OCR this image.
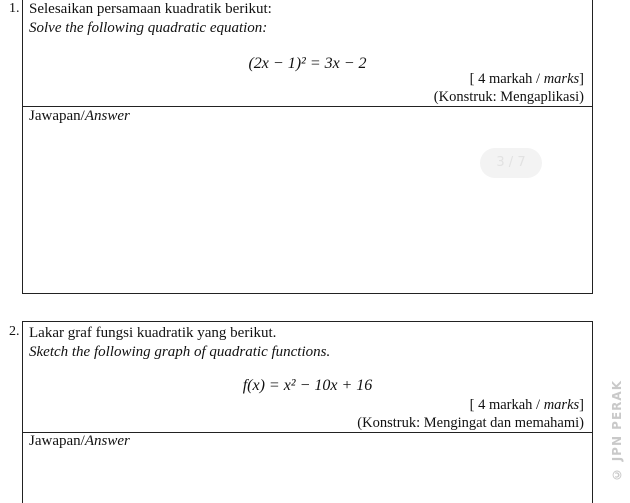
1. Selesaikan persamaan kuadratik berikut:
Solve the following quadratic equation:
(2x − 1)² = 3x − 2
[ 4 markah / marks]
(Konstruk: Mengaplikasi)
Jawapan/Answer
3 / 7
2. Lakar graf fungsi kuadratik yang berikut.
Sketch the following graph of quadratic functions.
f(x) = x² − 10x + 16
[ 4 markah / marks]
(Konstruk: Mengingat dan memahami)
Jawapan/Answer	© JPN PERAK
